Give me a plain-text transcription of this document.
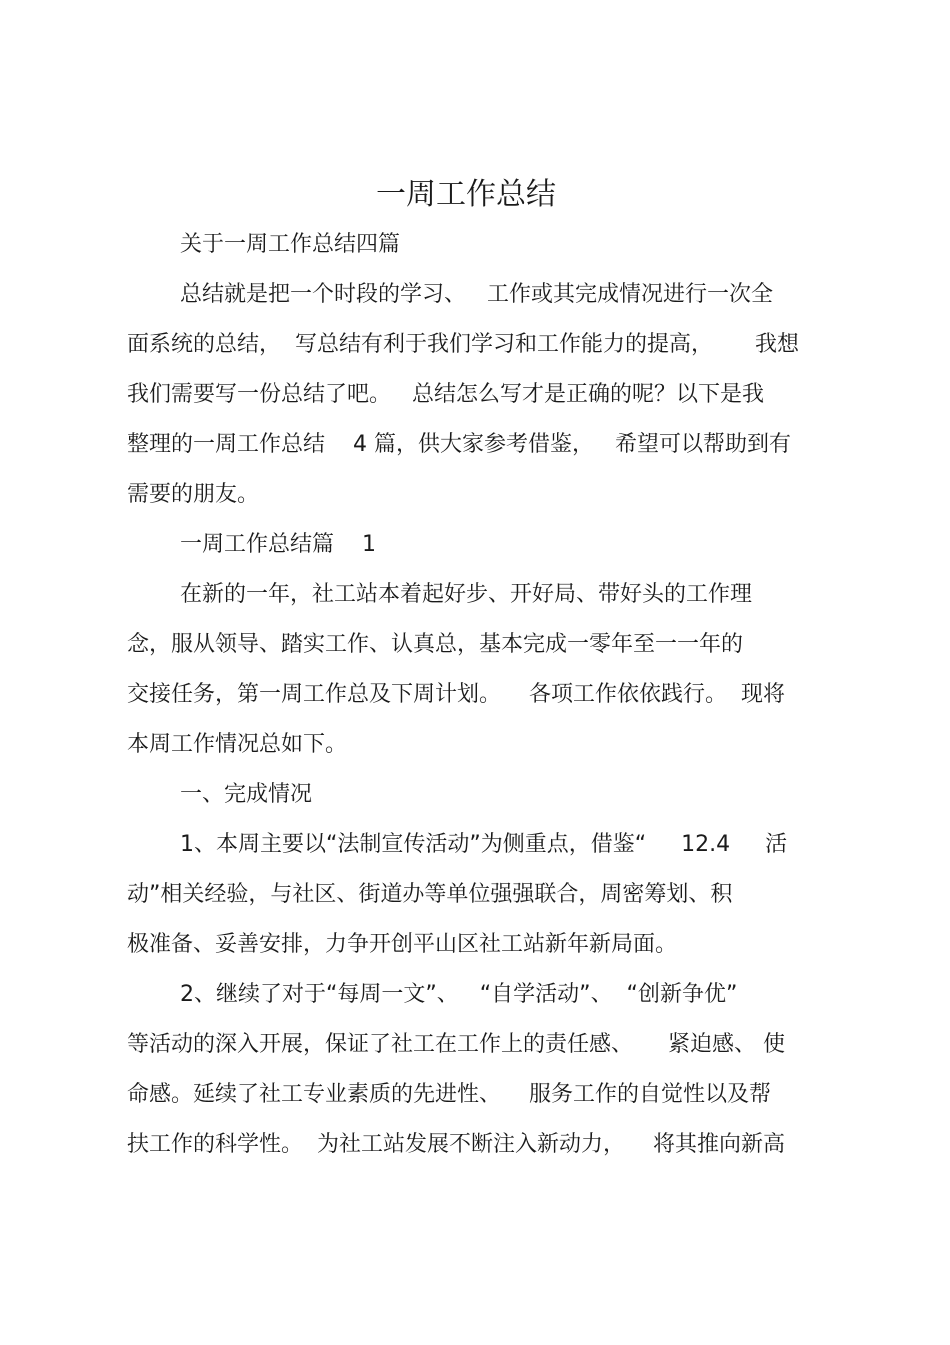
一周工作总结
关于一周工作总结四篇
总结就是把一个时段的学习、   工作或其完成情况进行一次全
面系统的总结，  写总结有利于我们学习和工作能力的提高，      我想
我们需要写一份总结了吧。   总结怎么写才是正确的呢？以下是我
整理的一周工作总结    4 篇，供大家参考借鉴，   希望可以帮助到有
需要的朋友。
一周工作总结篇    1
在新的一年，社工站本着起好步、开好局、带好头的工作理
念，服从领导、踏实工作、认真总，基本完成一零年至一一年的
交接任务，第一周工作总及下周计划。    各项工作依依践行。  现将
本周工作情况总如下。
一、完成情况
1、本周主要以“法制宣传活动”为侧重点，借鉴“     12.4     活
动”相关经验，与社区、街道办等单位强强联合，周密筹划、积
极准备、妥善安排，力争开创平山区社工站新年新局面。
2、继续了对于“每周一文”、   “自学活动”、  “创新争优”
等活动的深入开展，保证了社工在工作上的责任感、     紧迫感、 使
命感。延续了社工专业素质的先进性、    服务工作的自觉性以及帮
扶工作的科学性。  为社工站发展不断注入新动力，    将其推向新高
